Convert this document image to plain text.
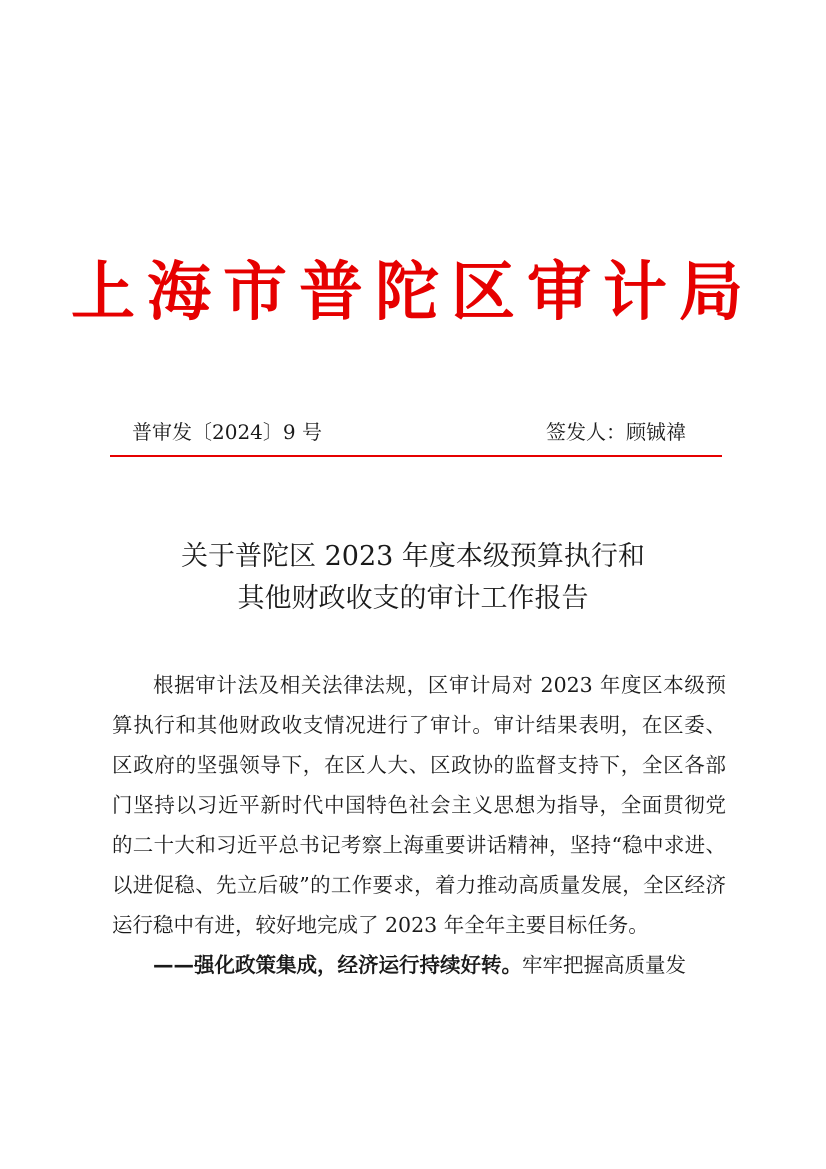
上海市普陀区审计局
普审发〔2024〕9 号	签发人：顾铖禕
关于普陀区 2023 年度本级预算执行和
其他财政收支的审计工作报告

根据审计法及相关法律法规，区审计局对 2023 年度区本级预算执行和其他财政收支情况进行了审计。审计结果表明，在区委、区政府的坚强领导下，在区人大、区政协的监督支持下，全区各部门坚持以习近平新时代中国特色社会主义思想为指导，全面贯彻党的二十大和习近平总书记考察上海重要讲话精神，坚持“稳中求进、以进促稳、先立后破”的工作要求，着力推动高质量发展，全区经济运行稳中有进，较好地完成了 2023 年全年主要目标任务。

——强化政策集成，经济运行持续好转。牢牢把握高质量发
